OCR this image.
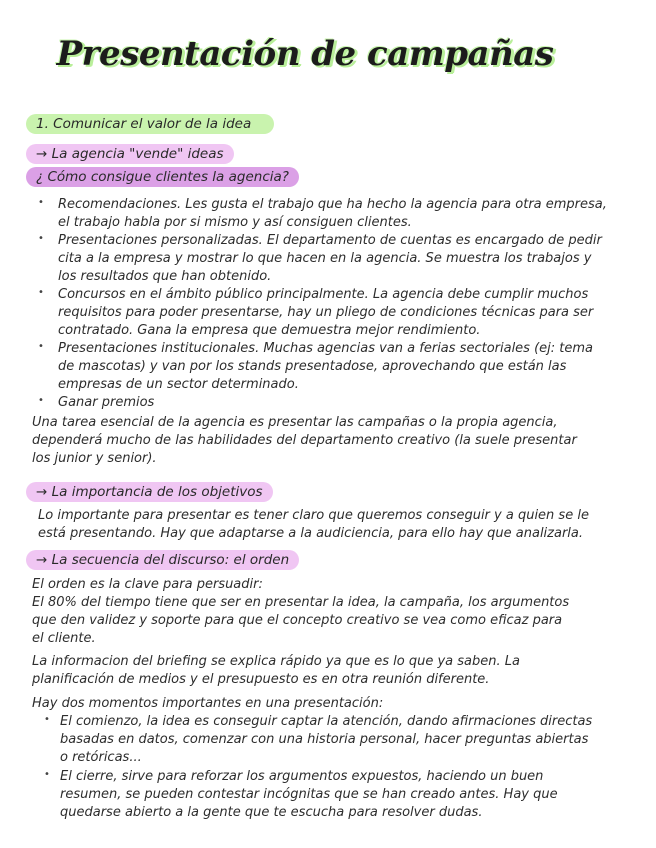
Presentación de campañas
1. Comunicar el valor de la idea
→ La agencia "vende" ideas
¿ Cómo consigue clientes la agencia?
• Recomendaciones. Les gusta el trabajo que ha hecho la agencia para otra empresa,
el trabajo habla por si mismo y así consiguen clientes.
• Presentaciones personalizadas. El departamento de cuentas es encargado de pedir
cita a la empresa y mostrar lo que hacen en la agencia. Se muestra los trabajos y
los resultados que han obtenido.
• Concursos en el ámbito público principalmente. La agencia debe cumplir muchos
requisitos para poder presentarse, hay un pliego de condiciones técnicas para ser
contratado. Gana la empresa que demuestra mejor rendimiento.
• Presentaciones institucionales. Muchas agencias van a ferias sectoriales (ej: tema
de mascotas) y van por los stands presentadose, aprovechando que están las
empresas de un sector determinado.
• Ganar premios
Una tarea esencial de la agencia es presentar las campañas o la propia agencia,
dependerá mucho de las habilidades del departamento creativo (la suele presentar
los junior y senior).
→ La importancia de los objetivos
Lo importante para presentar es tener claro que queremos conseguir y a quien se le
está presentando. Hay que adaptarse a la audiciencia, para ello hay que analizarla.
→ La secuencia del discurso: el orden
El orden es la clave para persuadir:
El 80% del tiempo tiene que ser en presentar la idea, la campaña, los argumentos
que den validez y soporte para que el concepto creativo se vea como eficaz para
el cliente.
La informacion del briefing se explica rápido ya que es lo que ya saben. La
planificación de medios y el presupuesto es en otra reunión diferente.
Hay dos momentos importantes en una presentación:
• El comienzo, la idea es conseguir captar la atención, dando afirmaciones directas
basadas en datos, comenzar con una historia personal, hacer preguntas abiertas
o retóricas...
• El cierre, sirve para reforzar los argumentos expuestos, haciendo un buen
resumen, se pueden contestar incógnitas que se han creado antes. Hay que
quedarse abierto a la gente que te escucha para resolver dudas.
